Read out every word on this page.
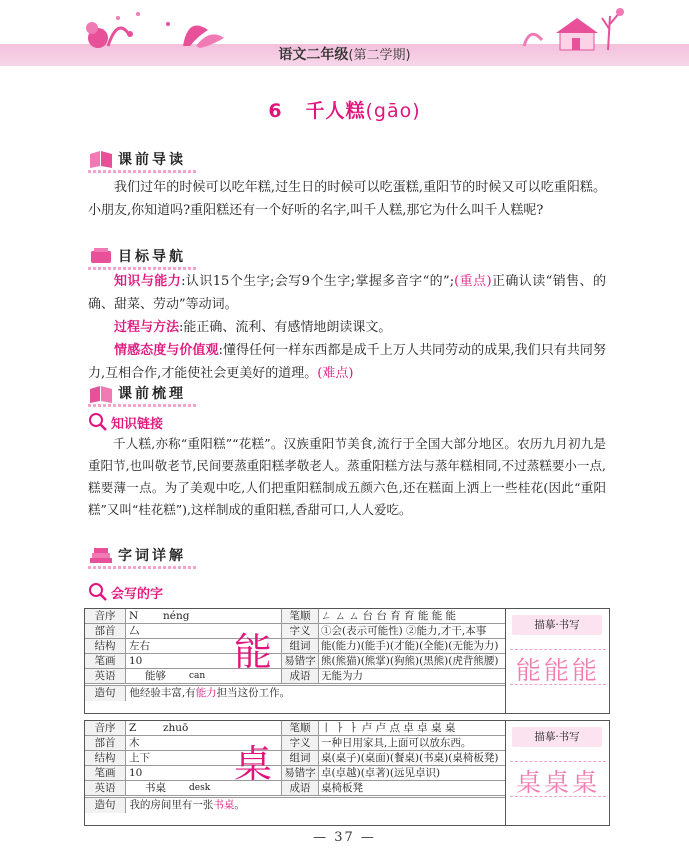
语文二年级(第二学期)
6 千人糕(gāo)
课前导读

我们过年的时候可以吃年糕,过生日的时候可以吃蛋糕,重阳节的时候又可以吃重阳糕。小朋友,你知道吗?重阳糕还有一个好听的名字,叫千人糕,那它为什么叫千人糕呢?

目标导航

知识与能力:认识15个生字;会写9个生字;掌握多音字“的”;(重点)正确认读“销售、的确、甜菜、劳动”等动词。

过程与方法:能正确、流利、有感情地朗读课文。

情感态度与价值观:懂得任何一样东西都是成千上万人共同劳动的成果,我们只有共同努力,互相合作,才能使社会更美好的道理。(难点)

课前梳理
知识链接

千人糕,亦称“重阳糕”“花糕”。汉族重阳节美食,流行于全国大部分地区。农历九月初九是重阳节,也叫敬老节,民间要蒸重阳糕孝敬老人。蒸重阳糕方法与蒸年糕相同,不过蒸糕要小一点,糕要薄一点。为了美观中吃,人们把重阳糕制成五颜六色,还在糕面上洒上一些桂花(因此“重阳糕”又叫“桂花糕”),这样制成的重阳糕,香甜可口,人人爱吃。

字词详解
会写的字
音序	N	néng	笔顺	ㄥ ㄙ ㄙ 台 台 育 育 能 能 能
部首	厶	字义	①会(表示可能性) ②能力,才干,本事
结构	左右	组词	能(能力)(能手)(才能)(全能)(无能为力)
笔画	10	易错字 熊(熊猫)(熊掌)(狗熊)(黑熊)(虎背熊腰)
英语	能够	can	成语	无能为力
造句 他经验丰富,有能力担当这份工作。
能
描摹·书写
能能能
音序	Z	zhuō	笔顺	丨 ㅏ ㅏ 卢 卢 点 卓 卓 桌 桌
部首	木	字义	一种日用家具,上面可以放东西。
结构	上下	组词	桌(桌子)(桌面)(餐桌)(书桌)(桌椅板凳)
笔画	10	易错字 卓(卓越)(卓著)(远见卓识)
英语	书桌	desk	成语	桌椅板凳
造句 我的房间里有一张书桌。
桌
描摹·书写
桌桌桌
— 37 —
